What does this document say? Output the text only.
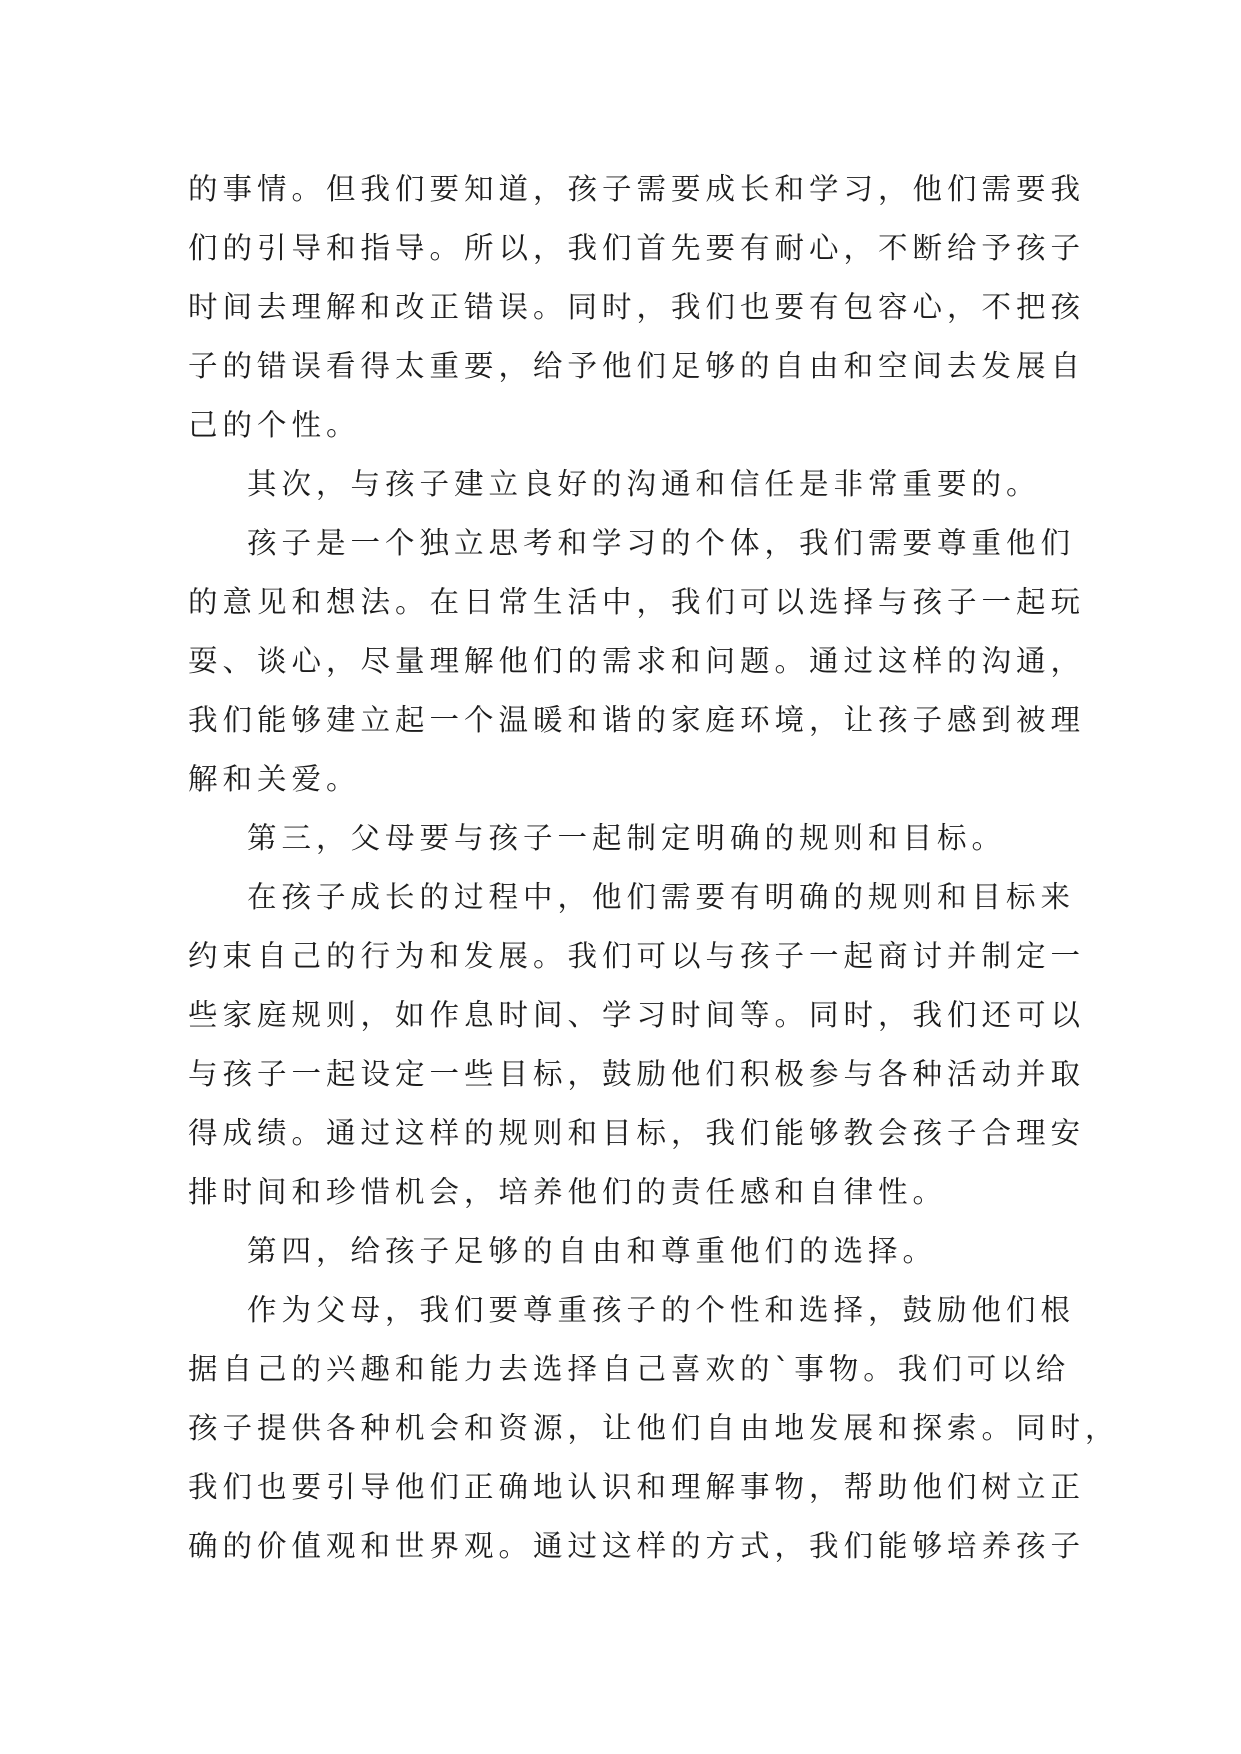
的事情。但我们要知道，孩子需要成长和学习，他们需要我
们的引导和指导。所以，我们首先要有耐心，不断给予孩子
时间去理解和改正错误。同时，我们也要有包容心，不把孩
子的错误看得太重要，给予他们足够的自由和空间去发展自
己的个性。

其次，与孩子建立良好的沟通和信任是非常重要的。

孩子是一个独立思考和学习的个体，我们需要尊重他们
的意见和想法。在日常生活中，我们可以选择与孩子一起玩
耍、谈心，尽量理解他们的需求和问题。通过这样的沟通，
我们能够建立起一个温暖和谐的家庭环境，让孩子感到被理
解和关爱。

第三，父母要与孩子一起制定明确的规则和目标。

在孩子成长的过程中，他们需要有明确的规则和目标来
约束自己的行为和发展。我们可以与孩子一起商讨并制定一
些家庭规则，如作息时间、学习时间等。同时，我们还可以
与孩子一起设定一些目标，鼓励他们积极参与各种活动并取
得成绩。通过这样的规则和目标，我们能够教会孩子合理安
排时间和珍惜机会，培养他们的责任感和自律性。

第四，给孩子足够的自由和尊重他们的选择。

作为父母，我们要尊重孩子的个性和选择，鼓励他们根
据自己的兴趣和能力去选择自己喜欢的`事物。我们可以给
孩子提供各种机会和资源，让他们自由地发展和探索。同时，
我们也要引导他们正确地认识和理解事物，帮助他们树立正
确的价值观和世界观。通过这样的方式，我们能够培养孩子
